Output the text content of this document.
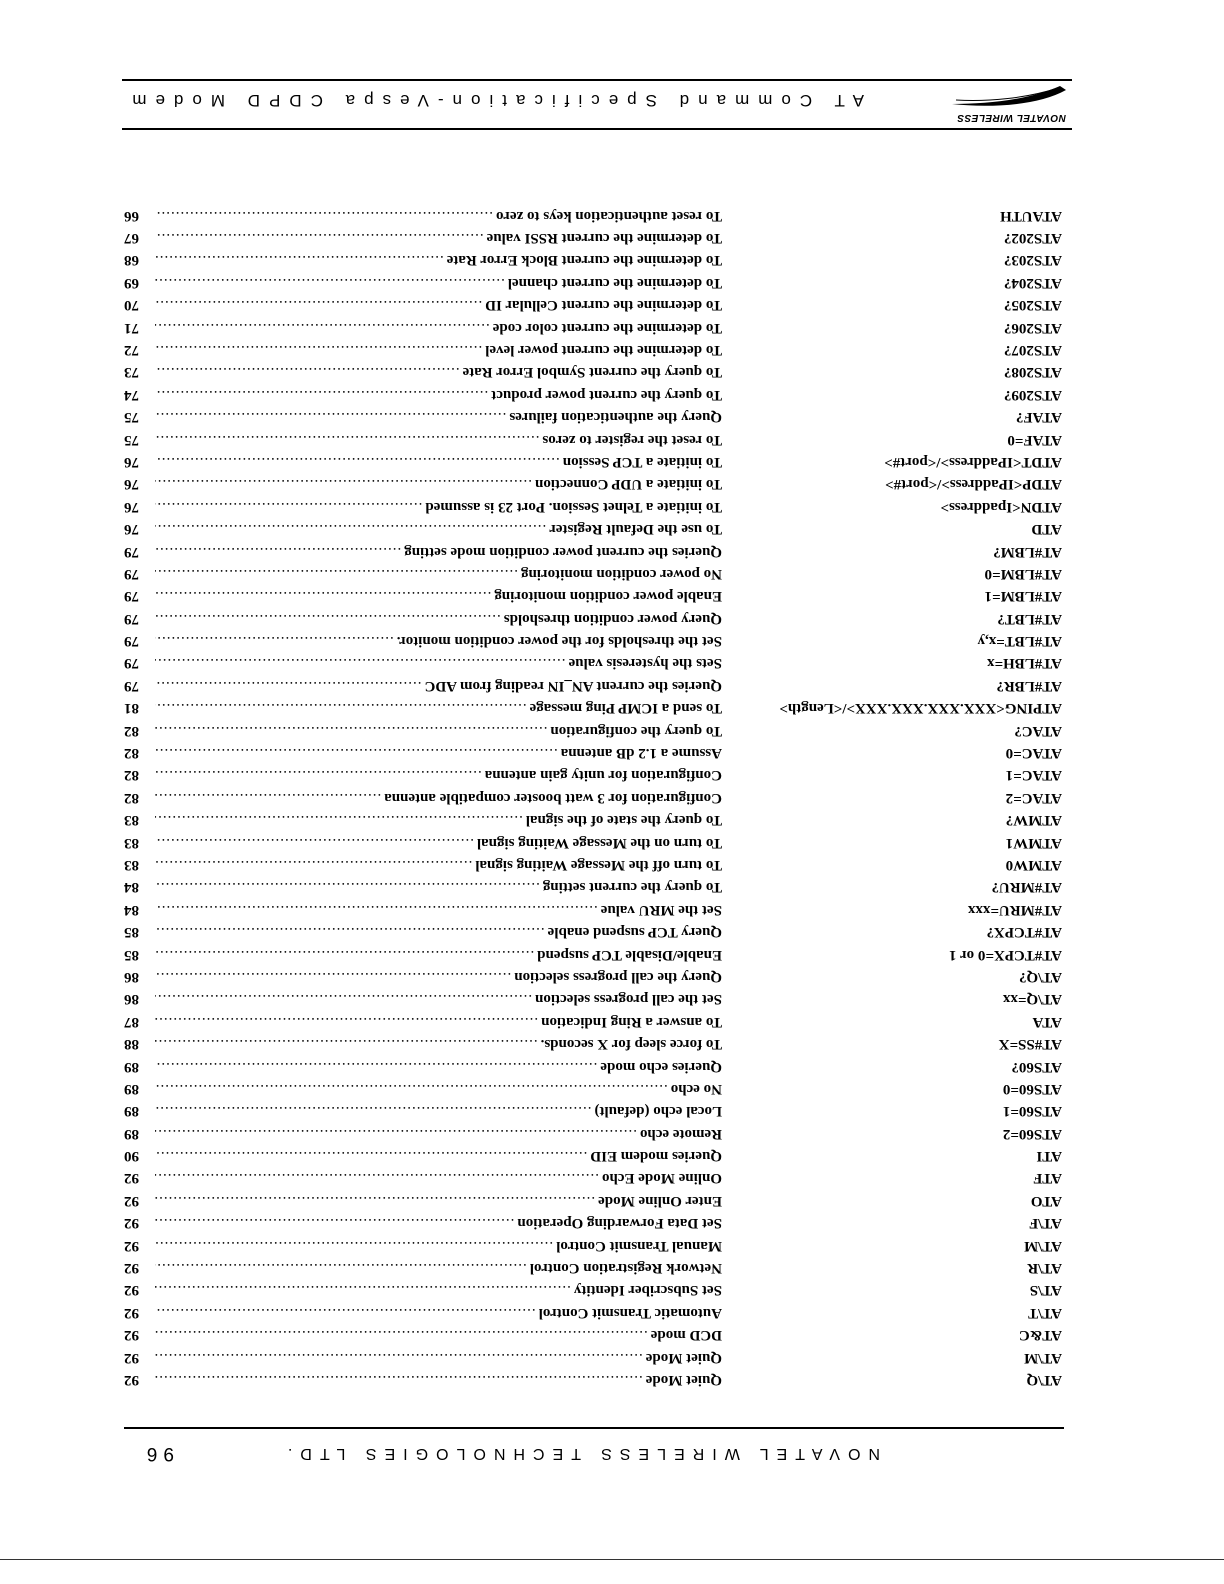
NOVATEL WIRELESS
AT Command Specification-Vespa CDPD Modem
AT\Q
Quiet Mode
.....
92
AT\M
Quiet Mode
.....
92
AT&C
DCD mode
.....
92
AT\T
Automatic Transmit Control
.....
92
AT\S
Set Subscriber Identity
.....
92
AT\R
Network Registration Control
.....
92
AT\M
Manual Transmit Control
.....
92
AT\F
Set Data Forwarding Operation
.....
92
ATO
Enter Online Mode
.....
92
ATF
Online Mode Echo
.....
92
ATI
Queries modem EID
.....
90
ATS60=2
Remote echo
.....
89
ATS60=1
Local echo (default)
.....
89
ATS60=0
No echo
.....
89
ATS60?
Queries echo mode
.....
89
AT#SS=X
To force sleep for X seconds.
.....
88
ATA
To answer a Ring Indication
.....
87
AT\Q=xx
Set the call progress selection
.....
86
AT\Q?
Query the call progress selection
.....
86
AT#TCPX=0 or 1
Enable/Disable TCP suspend
.....
85
AT#TCPX?
Query TCP suspend enable
.....
85
AT#MRU=xxx
Set the MRU value
.....
84
AT#MRU?
To query the current setting
.....
84
ATMW0
To turn off the Message Waiting signal
.....
83
ATMW1
To turn on the Message Waiting signal
.....
83
ATMW?
To query the state of the signal
.....
83
ATAC=2
Configuration for 3 watt booster compatible antenna
.....
82
ATAC=1
Configuration for unity gain antenna
.....
82
ATAC=0
Assume a 1.2 dB antenna
.....
82
ATAC?
To query the configuration
.....
82
ATPING<XXX.XXX.XXX.XXX>/<Length>
To send a ICMP Ping message
.....
81
AT#LBR?
Queries the current AN_IN reading from ADC
.....
79
AT#LBH=x
Sets the hysteresis value
.....
79
AT#LBT=x,y
Set the thresholds for the power condition monitor.
.....
79
AT#LBT?
Query power condition thresholds
.....
79
AT#LBM=1
Enable power condition monitoring
.....
79
AT#LBM=0
No power condition monitoring
.....
79
AT#LBM?
Queries the current power condition mode setting
.....
79
ATD
To use the Default Register
.....
76
ATDN<Ipaddress>
To initiate a Telnet Session. Port 23 is assumed
.....
76
ATDP<IPaddress>/<port#>
To initiate a UDP Connection
.....
76
ATDT<IPaddress>/<port#>
To initiate a TCP Session
.....
76
ATAF=0
To reset the register to zeros
.....
75
ATAF?
Query the authentication failures
.....
75
ATS209?
To query the current power product
.....
74
ATS208?
To query the current Symbol Error Rate
.....
73
ATS207?
To determine the current power level
.....
72
ATS206?
To determine the current color code
.....
71
ATS205?
To determine the current Cellular ID
.....
70
ATS204?
To determine the current channel
.....
69
ATS203?
To determine the current Block Error Rate
.....
68
ATS202?
To determine the current RSSI value
.....
67
ATAUTH
To reset authentication keys to zero
.....
66
NOVATEL WIRELESS TECHNOLOGIES LTD.
96
